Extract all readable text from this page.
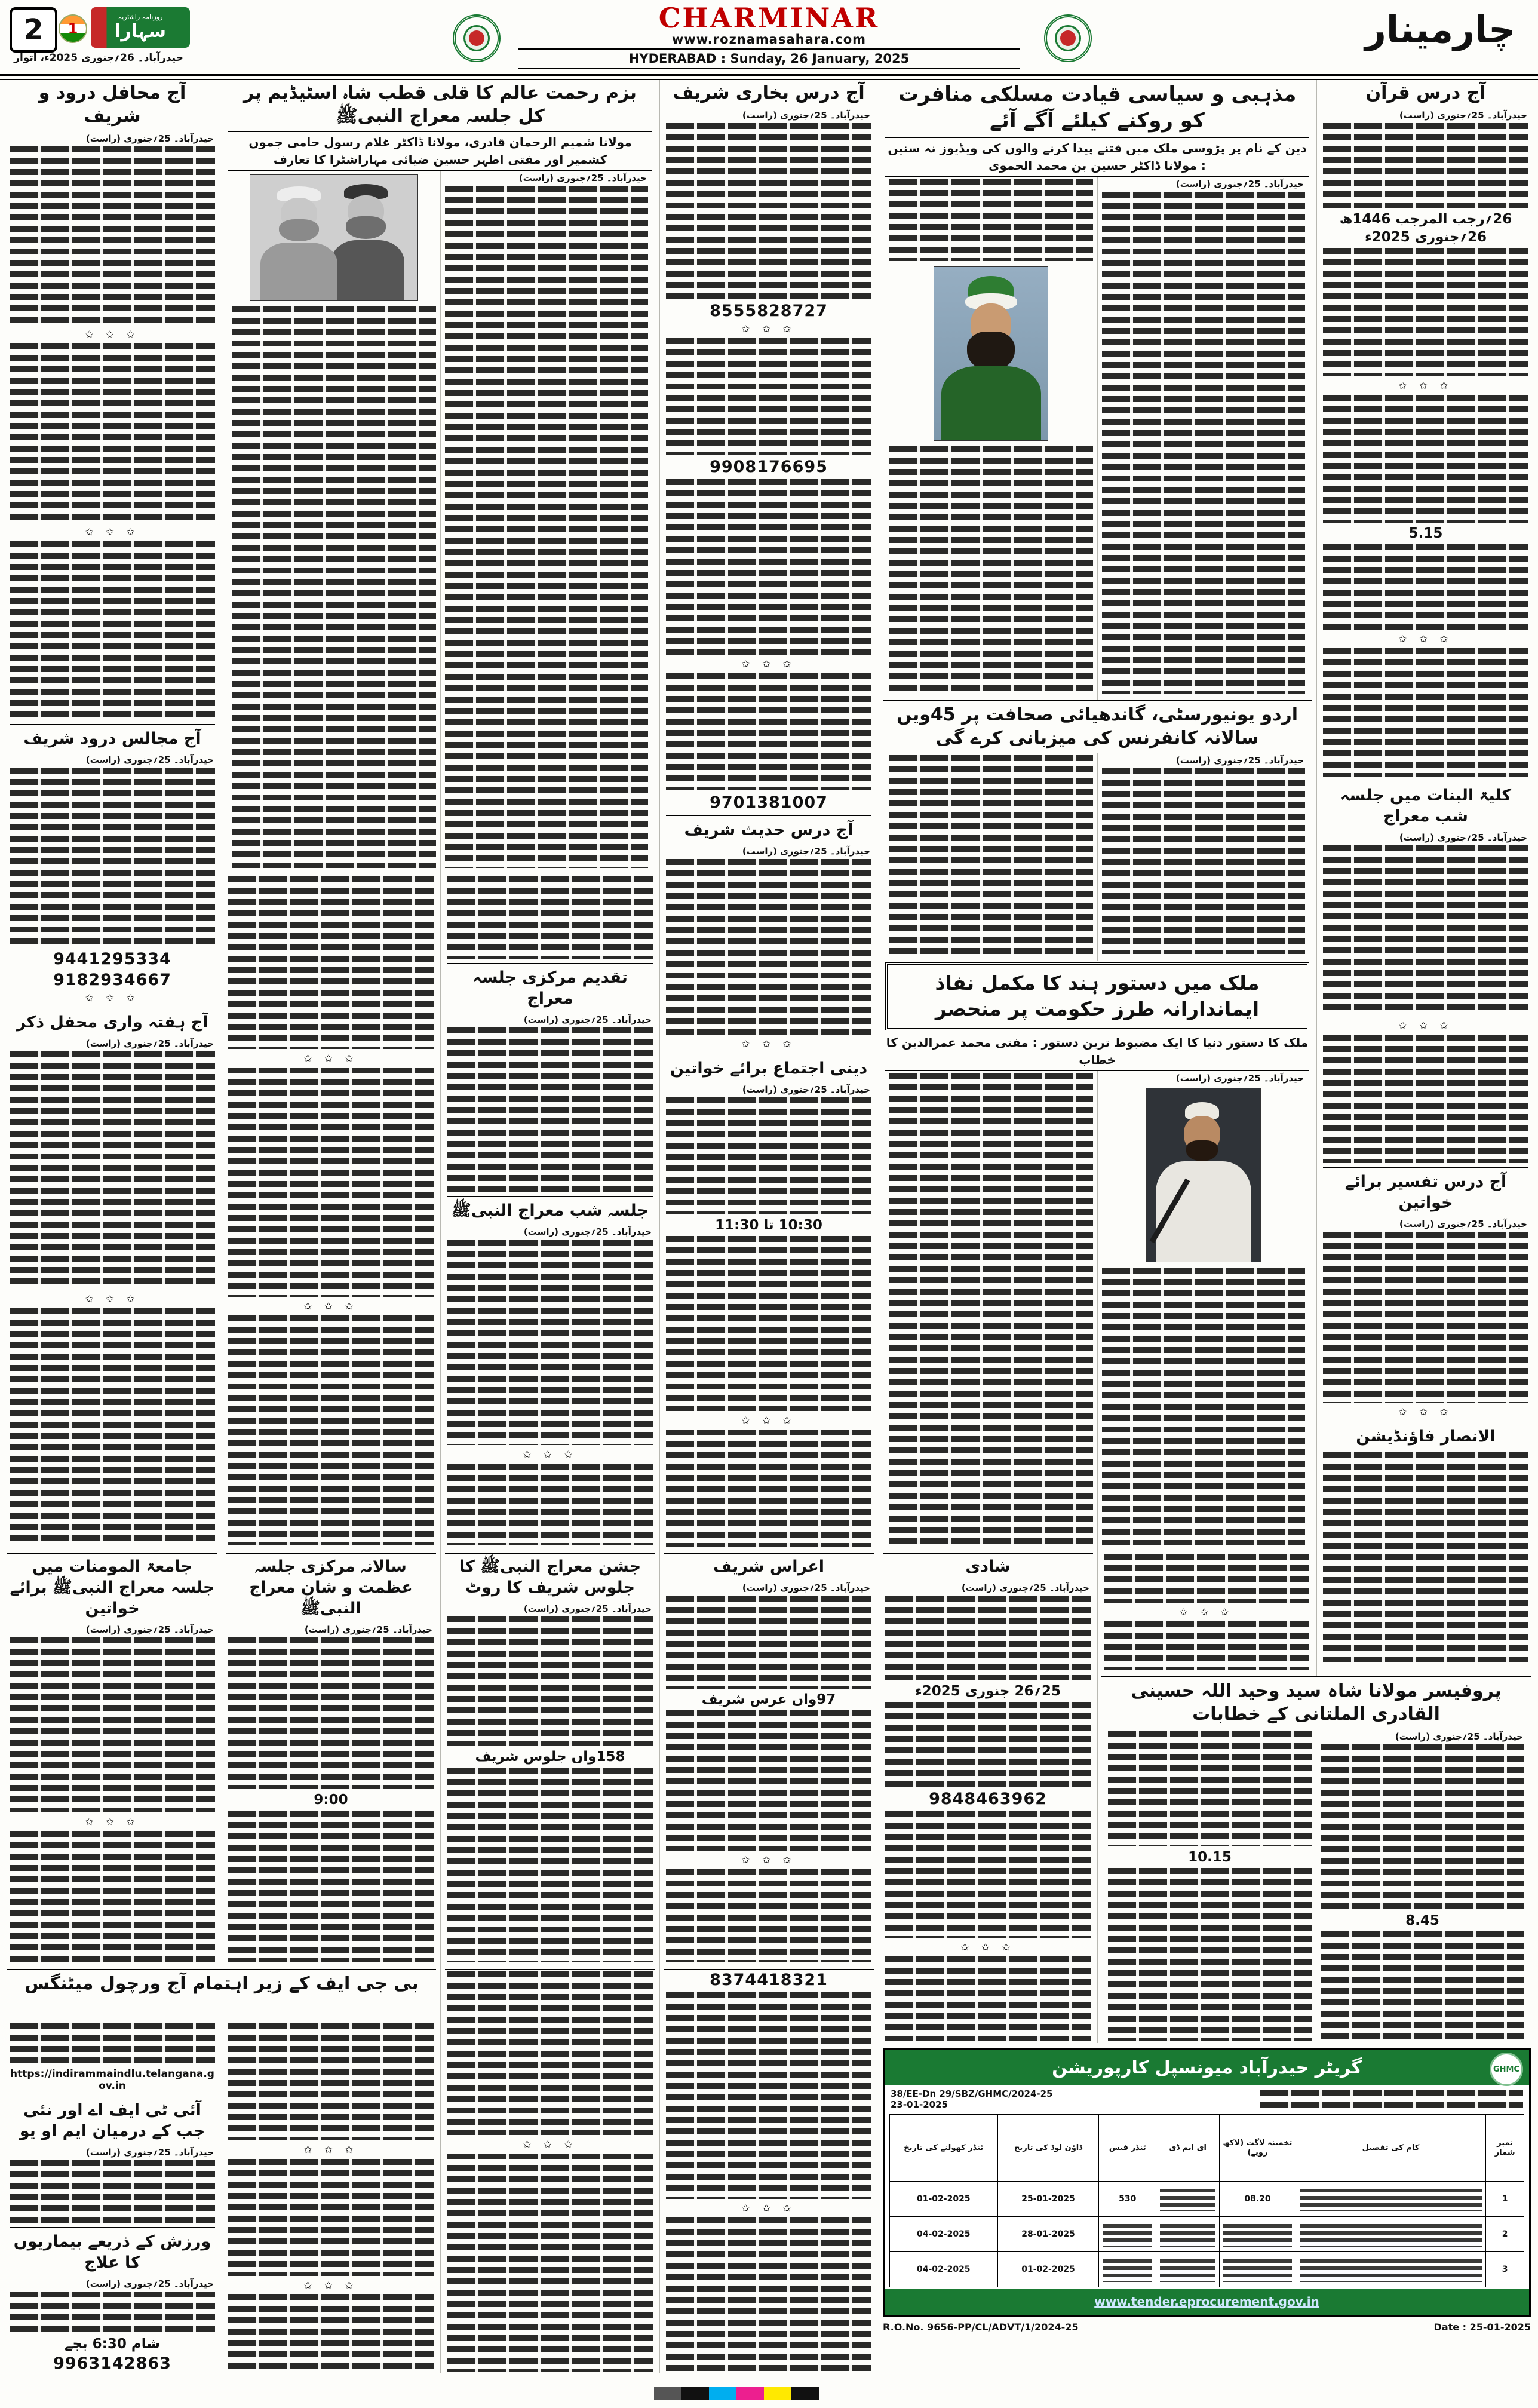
2	روزنامہ راشٹریہ
سہارا
1
حیدرآباد۔ 26؍جنوری 2025ء، اتوار
CHARMINAR
www.roznamasahara.com
HYDERABAD : Sunday, 26 January, 2025
چارمینار
آج درس قرآن
حیدرآباد۔ 25؍جنوری (راست)
26؍رجب المرجب 1446ھ
26؍جنوری 2025ء
✩ ✩ ✩
5.15
✩ ✩ ✩
کلیۃ البنات میں جلسہ شب معراج
حیدرآباد۔ 25؍جنوری (راست)
✩ ✩ ✩
آج درس تفسیر برائے خواتین
حیدرآباد۔ 25؍جنوری (راست)
✩ ✩ ✩
الانصار فاؤنڈیشن
مذہبی و سیاسی قیادت مسلکی منافرت کو روکنے کیلئے آگے آئے
دین کے نام پر پڑوسی ملک میں فتنے پیدا کرنے والوں کی ویڈیوز نہ سنیں : مولانا ڈاکٹر حسین بن محمد الحموی
حیدرآباد۔ 25؍جنوری (راست)
اردو یونیورسٹی، گاندھیائی صحافت پر 45ویں سالانہ کانفرنس کی میزبانی کرے گی
حیدرآباد۔ 25؍جنوری (راست)
ملک میں دستور ہند کا مکمل نفاذ ایماندارانہ طرز حکومت پر منحصر
ملک کا دستور دنیا کا ایک مضبوط ترین دستور : مفتی محمد عمرالدین کا خطاب
حیدرآباد۔ 25؍جنوری (راست)
✩ ✩ ✩
شادی
حیدرآباد۔ 25؍جنوری (راست)
25؍26 جنوری 2025ء
9848463962
✩ ✩ ✩
پروفیسر مولانا شاہ سید وحید اللہ حسینی القادری الملتانی کے خطابات
حیدرآباد۔ 25؍جنوری (راست)
8.45
10.15
آج محافل درود و شریف
حیدرآباد۔ 25؍جنوری (راست)
✩ ✩ ✩
✩ ✩ ✩
آج مجالس درود شریف
حیدرآباد۔ 25؍جنوری (راست)
9441295334
9182934667
✩ ✩ ✩
آج ہفتہ واری محفل ذکر
حیدرآباد۔ 25؍جنوری (راست)
✩ ✩ ✩
بزم رحمت عالم کا قلی قطب شاہ اسٹیڈیم پر کل جلسہ معراج النبیﷺ
مولانا شمیم الرحمان قادری، مولانا ڈاکٹر غلام رسول حامی جموں کشمیر اور مفتی اطہر حسین ضیائی مہاراشٹرا کا تعارف
حیدرآباد۔ 25؍جنوری (راست)
✩ ✩ ✩
✩ ✩ ✩
تقدیم مرکزی جلسہ معراج
حیدرآباد۔ 25؍جنوری (راست)
جلسہ شب معراج النبیﷺ
حیدرآباد۔ 25؍جنوری (راست)
✩ ✩ ✩
آج درس بخاری شریف
حیدرآباد۔ 25؍جنوری (راست)
8555828727
✩ ✩ ✩
9908176695
✩ ✩ ✩
9701381007
آج درس حدیث شریف
حیدرآباد۔ 25؍جنوری (راست)
✩ ✩ ✩
دینی اجتماع برائے خواتین
حیدرآباد۔ 25؍جنوری (راست)
10:30 تا 11:30
✩ ✩ ✩
جامعۃ المومنات میں جلسہ معراج النبیﷺ برائے خواتین
حیدرآباد۔ 25؍جنوری (راست)
✩ ✩ ✩
سالانہ مرکزی جلسہ عظمت و شان معراج النبیﷺ
حیدرآباد۔ 25؍جنوری (راست)
9:00
جشن معراج النبیﷺ کا جلوس شریف کا روٹ
حیدرآباد۔ 25؍جنوری (راست)
158واں جلوس شریف
اعراس شریف
حیدرآباد۔ 25؍جنوری (راست)
97واں عرس شریف
✩ ✩ ✩
بی جی ایف کے زیر اہتمام آج ورچول میٹنگس
https://indirammaindlu.telangana.gov.in
آئی ٹی ایف اے اور نئی جب کے درمیان ایم او یو
حیدرآباد۔ 25؍جنوری (راست)
ورزش کے ذریعے بیماریوں کا علاج
حیدرآباد۔ 25؍جنوری (راست)
شام 6:30 بجے
9963142863
✩ ✩ ✩
✩ ✩ ✩
✩ ✩ ✩
8374418321
✩ ✩ ✩
GHMC
گریٹر حیدرآباد میونسپل کارپوریشن
38/EE-Dn 29/SBZ/GHMC/2024-25
23-01-2025
نمبر شمار	کام کی تفصیل	تخمینہ لاگت (لاکھ روپے)	ای ایم ڈی	ٹنڈر فیس	ڈاؤن لوڈ کی تاریخ	ٹنڈر کھولنے کی تاریخ
1		08.20		530	25-01-2025	01-02-2025
2					28-01-2025	04-02-2025
3					01-02-2025	04-02-2025
www.tender.eprocurement.gov.in
R.O.No. 9656-PP/CL/ADVT/1/2024-25	Date : 25-01-2025
